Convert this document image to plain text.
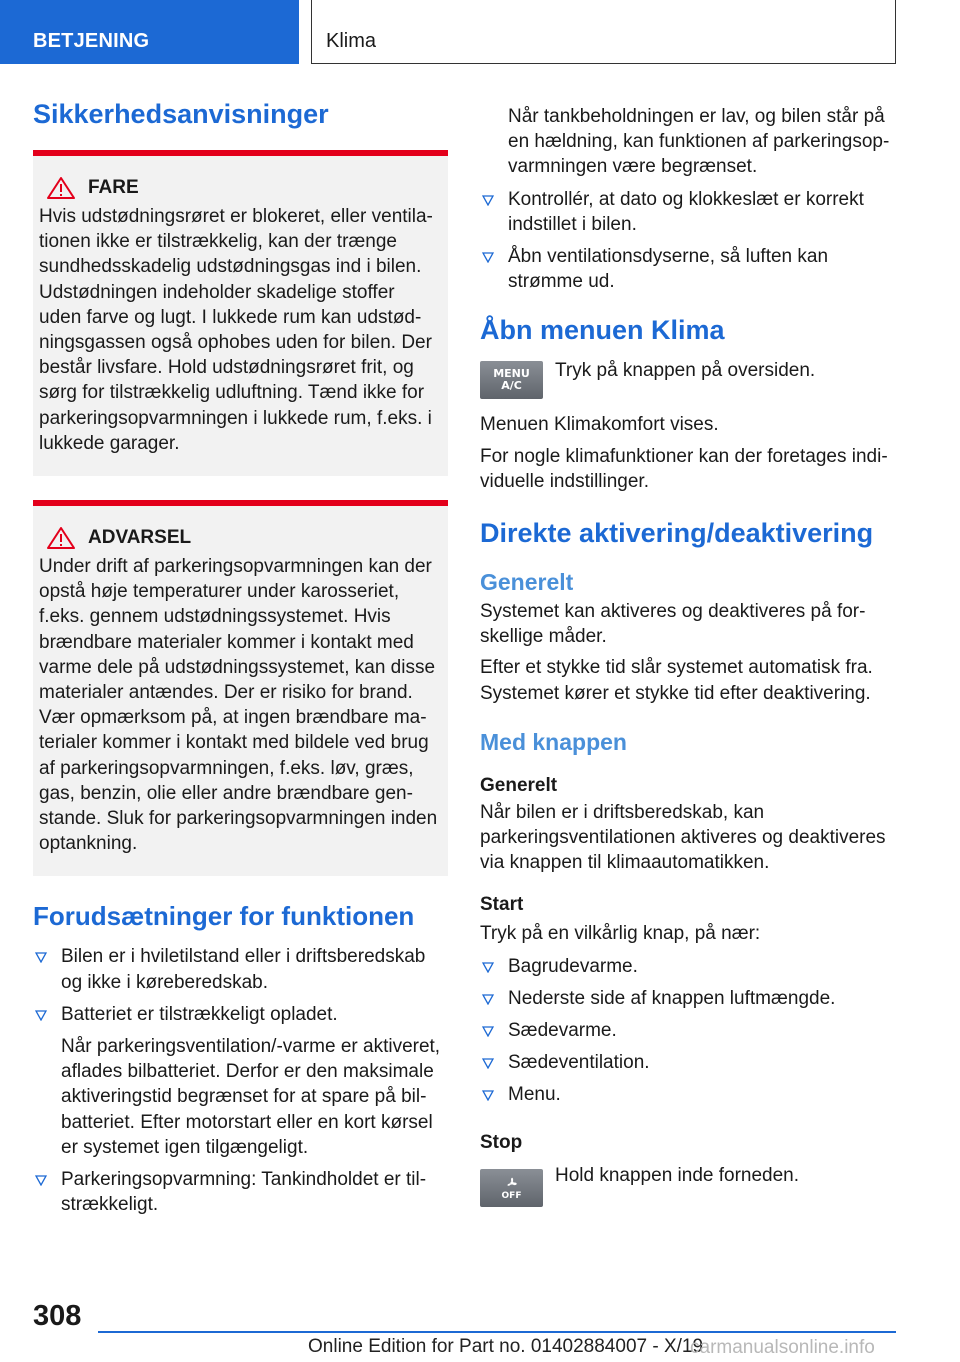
BETJENING	Klima
Sikkerhedsanvisninger
FARE
Hvis udstødningsrøret er blokeret, eller ventilationen ikke er tilstrækkelig, kan der trænge sundhedsskadelig udstødningsgas ind i bilen. Udstødningen indeholder skadelige stoffer uden farve og lugt. I lukkede rum kan udstødningsgassen også ophobes uden for bilen. Der består livsfare. Hold udstødningsrøret frit, og sørg for tilstrækkelig udluftning. Tænd ikke for parkeringsopvarmningen i lukkede rum, f.eks. i lukkede garager.
ADVARSEL
Under drift af parkeringsopvarmningen kan der opstå høje temperaturer under karosseriet, f.eks. gennem udstødningssystemet. Hvis brændbare materialer kommer i kontakt med varme dele på udstødningssystemet, kan disse materialer antændes. Der er risiko for brand. Vær opmærksom på, at ingen brændbare materialer kommer i kontakt med bildele ved brug af parkeringsopvarmningen, f.eks. løv, græs, gas, benzin, olie eller andre brændbare genstande. Sluk for parkeringsopvarmningen inden optankning.
Forudsætninger for funktionen
Bilen er i hviletilstand eller i driftsberedskab og ikke i køreberedskab.
Batteriet er tilstrækkeligt opladet.
Når parkeringsventilation/-varme er aktiveret, aflades bilbatteriet. Derfor er den maksimale aktiveringstid begrænset for at spare på bilbatteriet. Efter motorstart eller en kort kørsel er systemet igen tilgængeligt.
Parkeringsopvarmning: Tankindholdet er tilstrækkeligt.
Når tankbeholdningen er lav, og bilen står på en hældning, kan funktionen af parkeringsopvarmningen være begrænset.
Kontrollér, at dato og klokkeslæt er korrekt indstillet i bilen.
Åbn ventilationsdyserne, så luften kan strømme ud.
Åbn menuen Klima
MENU
A/C
Tryk på knappen på oversiden.
Menuen Klimakomfort vises.
For nogle klimafunktioner kan der foretages individuelle indstillinger.
Direkte aktivering/deaktivering
Generelt
Systemet kan aktiveres og deaktiveres på forskellige måder.
Efter et stykke tid slår systemet automatisk fra. Systemet kører et stykke tid efter deaktivering.
Med knappen
Generelt
Når bilen er i driftsberedskab, kan parkeringsventilationen aktiveres og deaktiveres via knappen til klimaautomatikken.
Start
Tryk på en vilkårlig knap, på nær:
Bagrudevarme.
Nederste side af knappen luftmængde.
Sædevarme.
Sædeventilation.
Menu.
Stop
OFF
Hold knappen inde forneden.
308
Online Edition for Part no. 01402884007 - X/19
carmanualsonline.info
